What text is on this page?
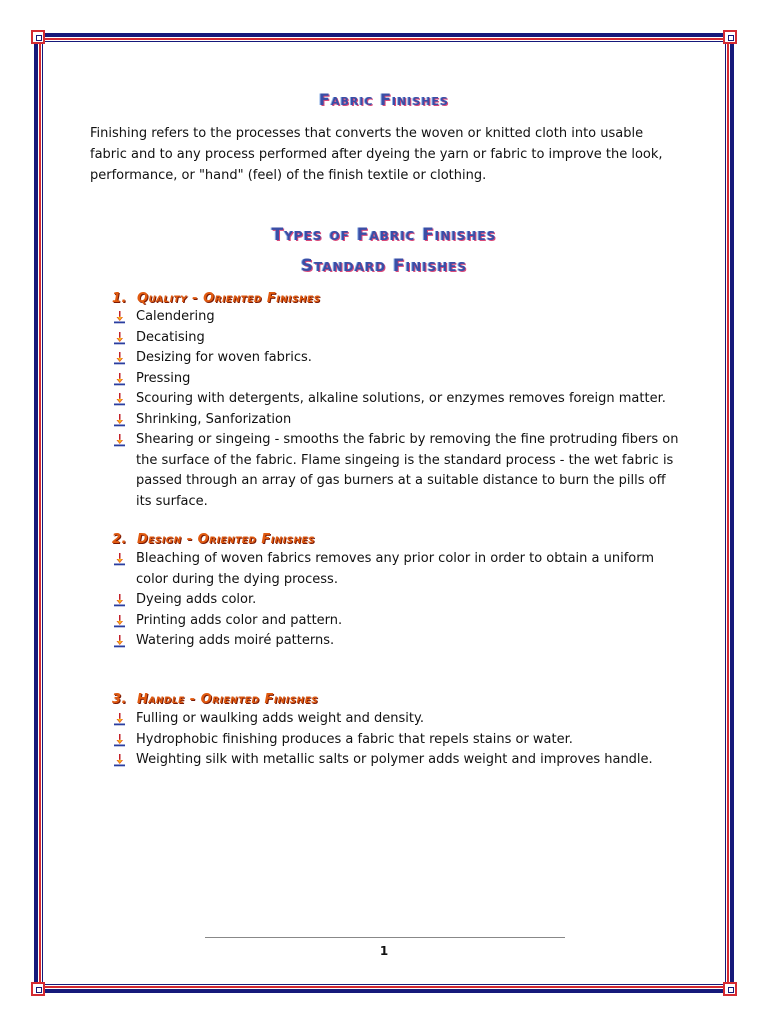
Fabric Finishes
Finishing refers to the processes that converts the woven or knitted cloth into usable fabric and to any process performed after dyeing the yarn or fabric to improve the look, performance, or "hand" (feel) of the finish textile or clothing.
Types of Fabric Finishes
Standard Finishes
1. Quality - Oriented Finishes
Calendering
Decatising
Desizing for woven fabrics.
Pressing
Scouring with detergents, alkaline solutions, or enzymes removes foreign matter.
Shrinking, Sanforization
Shearing or singeing - smooths the fabric by removing the fine protruding fibers on the surface of the fabric. Flame singeing is the standard process - the wet fabric is passed through an array of gas burners at a suitable distance to burn the pills off its surface.
2. Design - Oriented Finishes
Bleaching of woven fabrics removes any prior color in order to obtain a uniform color during the dying process.
Dyeing adds color.
Printing adds color and pattern.
Watering adds moiré patterns.
3. Handle - Oriented Finishes
Fulling or waulking adds weight and density.
Hydrophobic finishing produces a fabric that repels stains or water.
Weighting silk with metallic salts or polymer adds weight and improves handle.
1
